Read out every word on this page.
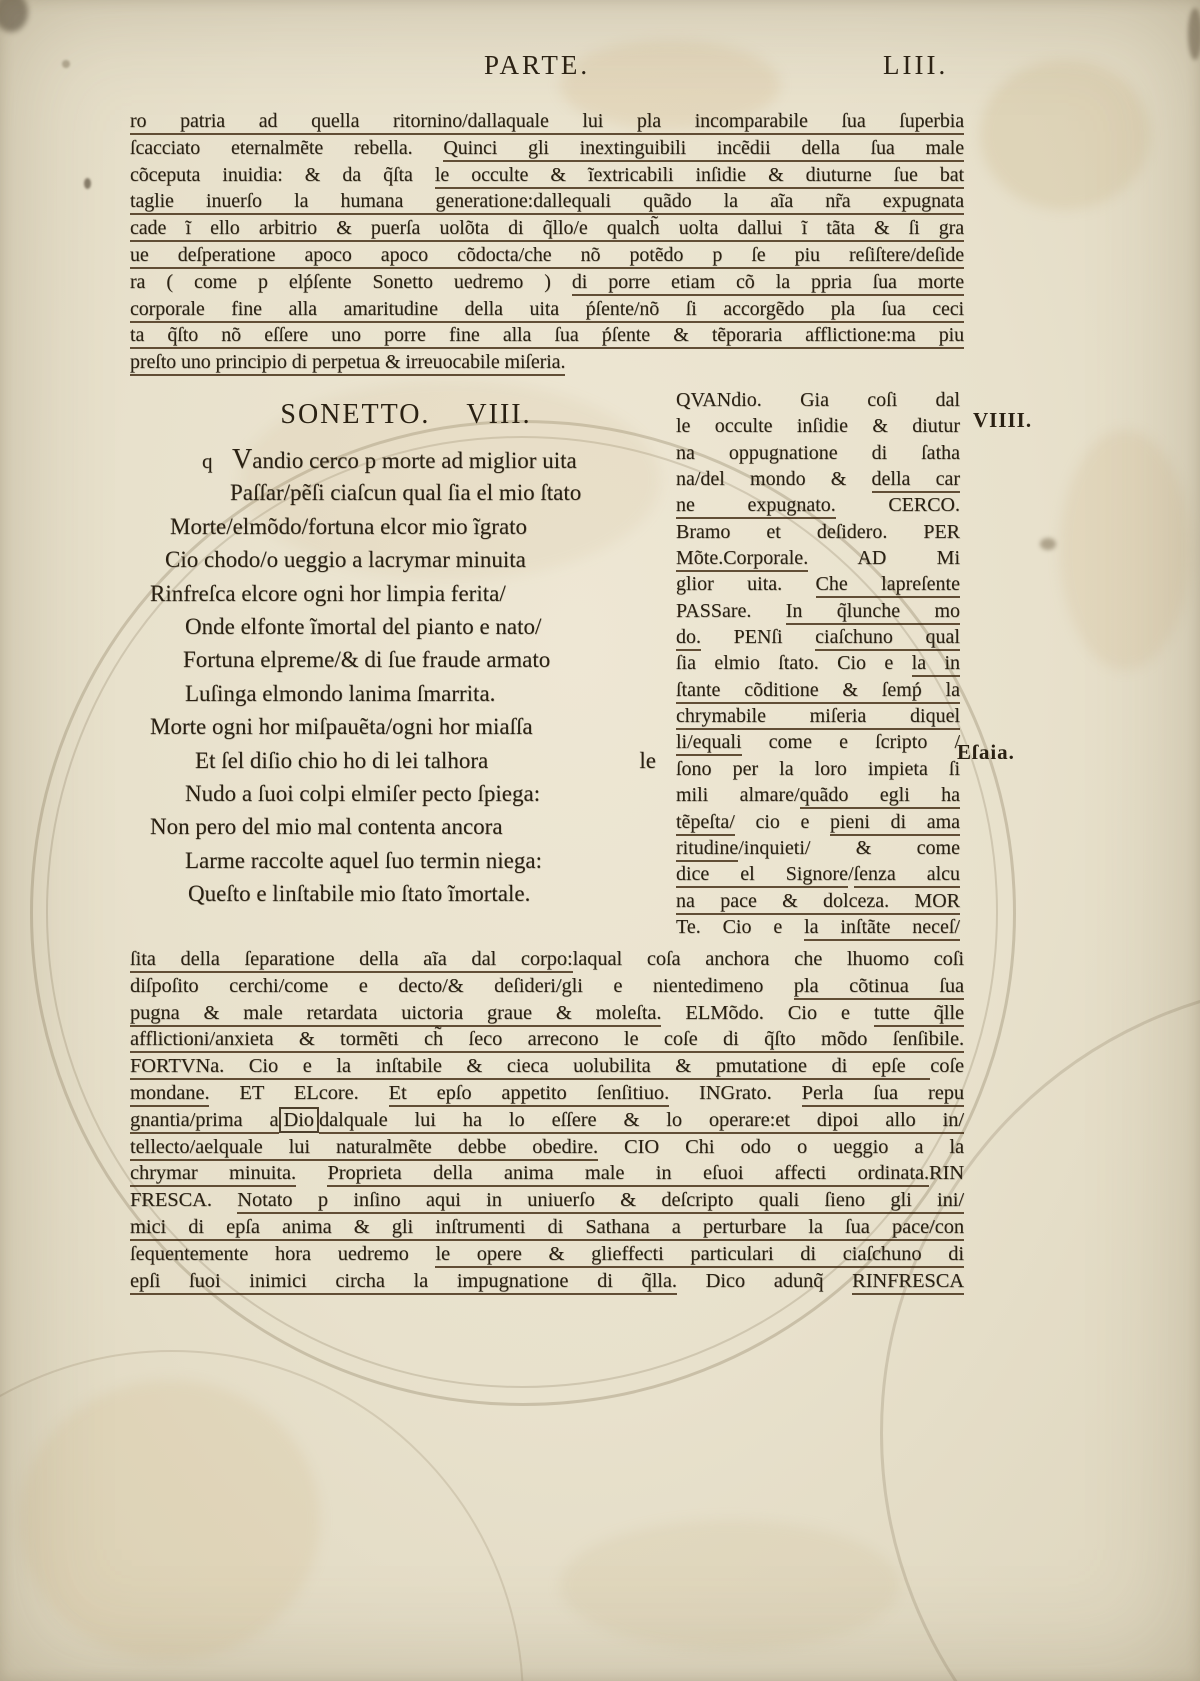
PARTE.	LIII.
ro patria ad quella ritornino/dallaquale lui pla incomparabile ſua ſuperbia
ſcacciato eternalmẽte rebella. Quinci gli inextinguibili incẽdii della ſua male
cõceputa inuidia: & da q̃ſta le occulte & ĩextricabili inſidie & diuturne ſue bat
taglie inuerſo la humana generatione:dallequali quãdo la aĩa nr̃a expugnata
cade ĩ ello arbitrio & puerſa uolõta di q̃llo/e qualch̃ uolta dallui ĩ tãta & ſi gra
ue deſperatione apoco apoco cõdocta/che nõ potẽdo p ſe piu reſiſtere/deſide
ra ( come p elṕſente Sonetto uedremo ) di porre etiam cõ la ppria ſua morte
corporale fine alla amaritudine della uita ṕſente/nõ ſi accorgẽdo pla ſua ceci
ta q̃ſto nõ eſſere uno porre fine alla ſua ṕſente & tẽporaria afflictione:ma piu
preſto uno principio di perpetua & irreuocabile miſeria.
SONETTO. VIII.
q Vandio cerco p morte ad miglior uita
Paſſar/pẽſi ciaſcun qual ſia el mio ſtato
Morte/elmõdo/fortuna elcor mio ĩgrato
Cio chodo/o ueggio a lacrymar minuita
Rinfreſca elcore ogni hor limpia ferita/
Onde elfonte ĩmortal del pianto e nato/
Fortuna elpreme/& di ſue fraude armato
Luſinga elmondo lanima ſmarrita.
Morte ogni hor miſpauẽta/ogni hor miaſſa
Et ſel diſio chio ho di lei talhora	le
Nudo a ſuoi colpi elmiſer pecto ſpiega:
Non pero del mio mal contenta ancora
Larme raccolte aquel ſuo termin niega:
Queſto e linſtabile mio ſtato ĩmortale.
QVANdio. Gia coſi dal
le occulte inſidie & diutur
na oppugnatione di ſatha
na/del mondo & della car
ne expugnato. CERCO.
Bramo et deſidero. PER
Mõte.Corporale. AD Mi
glior uita. Che lapreſente
PASSare. In q̃lunche mo
do. PENſi ciaſchuno qual
ſia elmio ſtato. Cio e la in
ſtante cõditione & ſemṕ la
chrymabile miſeria diquel
li/equali come e ſcripto /
ſono per la loro impieta ſi
mili almare/quãdo egli ha
tẽpeſta/ cio e pieni di ama
ritudine/inquieti/ & come
dice el Signore/ſenza alcu
na pace & dolceza. MOR
Te. Cio e la inſtãte neceſ/
VIIII.
Eſaia.
ſita della ſeparatione della aĩa dal corpo:laqual coſa anchora che lhuomo coſi
diſpoſito cerchi/come e decto/& deſideri/gli e nientedimeno pla cõtinua ſua
pugna & male retardata uictoria graue & moleſta. ELMõdo. Cio e tutte q̃lle
afflictioni/anxieta & tormẽti ch̃ ſeco arrecono le coſe di q̃ſto mõdo ſenſibile.
FORTVNa. Cio e la inſtabile & cieca uolubilita & pmutatione di epſe coſe
mondane. ET ELcore. Et epſo appetito ſenſitiuo. INGrato. Perla ſua repu
gnantia/prima a Dio dalquale lui ha lo eſſere & lo operare:et dipoi allo in/
tellecto/aelquale lui naturalmẽte debbe obedire. CIO Chi odo o ueggio a la
chrymar minuita. Proprieta della anima male in eſuoi affecti ordinata.RIN
FRESCA. Notato p inſino aqui in uniuerſo & deſcripto quali ſieno gli ini/
mici di epſa anima & gli inſtrumenti di Sathana a perturbare la ſua pace/con
ſequentemente hora uedremo le opere & glieffecti particulari di ciaſchuno di
epſi ſuoi inimici circha la impugnatione di q̃lla. Dico adunq̃ RINFRESCA
